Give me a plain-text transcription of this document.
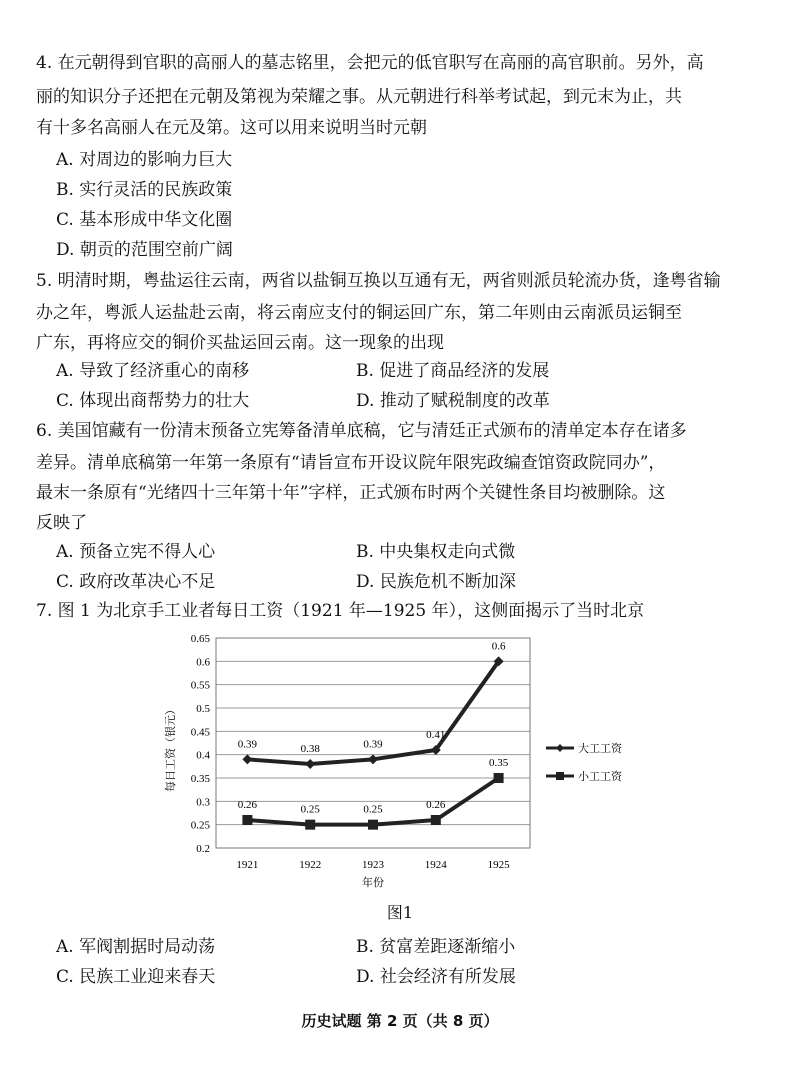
4. 在元朝得到官职的高丽人的墓志铭里，会把元的低官职写在高丽的高官职前。另外，高
丽的知识分子还把在元朝及第视为荣耀之事。从元朝进行科举考试起，到元末为止，共
有十多名高丽人在元及第。这可以用来说明当时元朝
A. 对周边的影响力巨大
B. 实行灵活的民族政策
C. 基本形成中华文化圈
D. 朝贡的范围空前广阔
5. 明清时期，粤盐运往云南，两省以盐铜互换以互通有无，两省则派员轮流办货，逢粤省输
办之年，粤派人运盐赴云南，将云南应支付的铜运回广东，第二年则由云南派员运铜至
广东，再将应交的铜价买盐运回云南。这一现象的出现
A. 导致了经济重心的南移	B. 促进了商品经济的发展
C. 体现出商帮势力的壮大	D. 推动了赋税制度的改革
6. 美国馆藏有一份清末预备立宪筹备清单底稿，它与清廷正式颁布的清单定本存在诸多
差异。清单底稿第一年第一条原有“请旨宣布开设议院年限宪政编查馆资政院同办”，
最末一条原有“光绪四十三年第十年”字样，正式颁布时两个关键性条目均被删除。这
反映了
A. 预备立宪不得人心	B. 中央集权走向式微
C. 政府改革决心不足	D. 民族危机不断加深
7. 图 1 为北京手工业者每日工资（1921 年—1925 年），这侧面揭示了当时北京
0.2
0.25
0.3
0.35
0.4
0.45
0.5
0.55
0.6
0.65
1921	1922	1923	1924	1925
0.39	0.38	0.39
0.41
0.6
0.26	0.25	0.25	0.26
0.35
每日工资（银元）
年份
大工工资
小工工资
图1
A. 军阀割据时局动荡	B. 贫富差距逐渐缩小
C. 民族工业迎来春天	D. 社会经济有所发展
历史试题 第 2 页（共 8 页）
